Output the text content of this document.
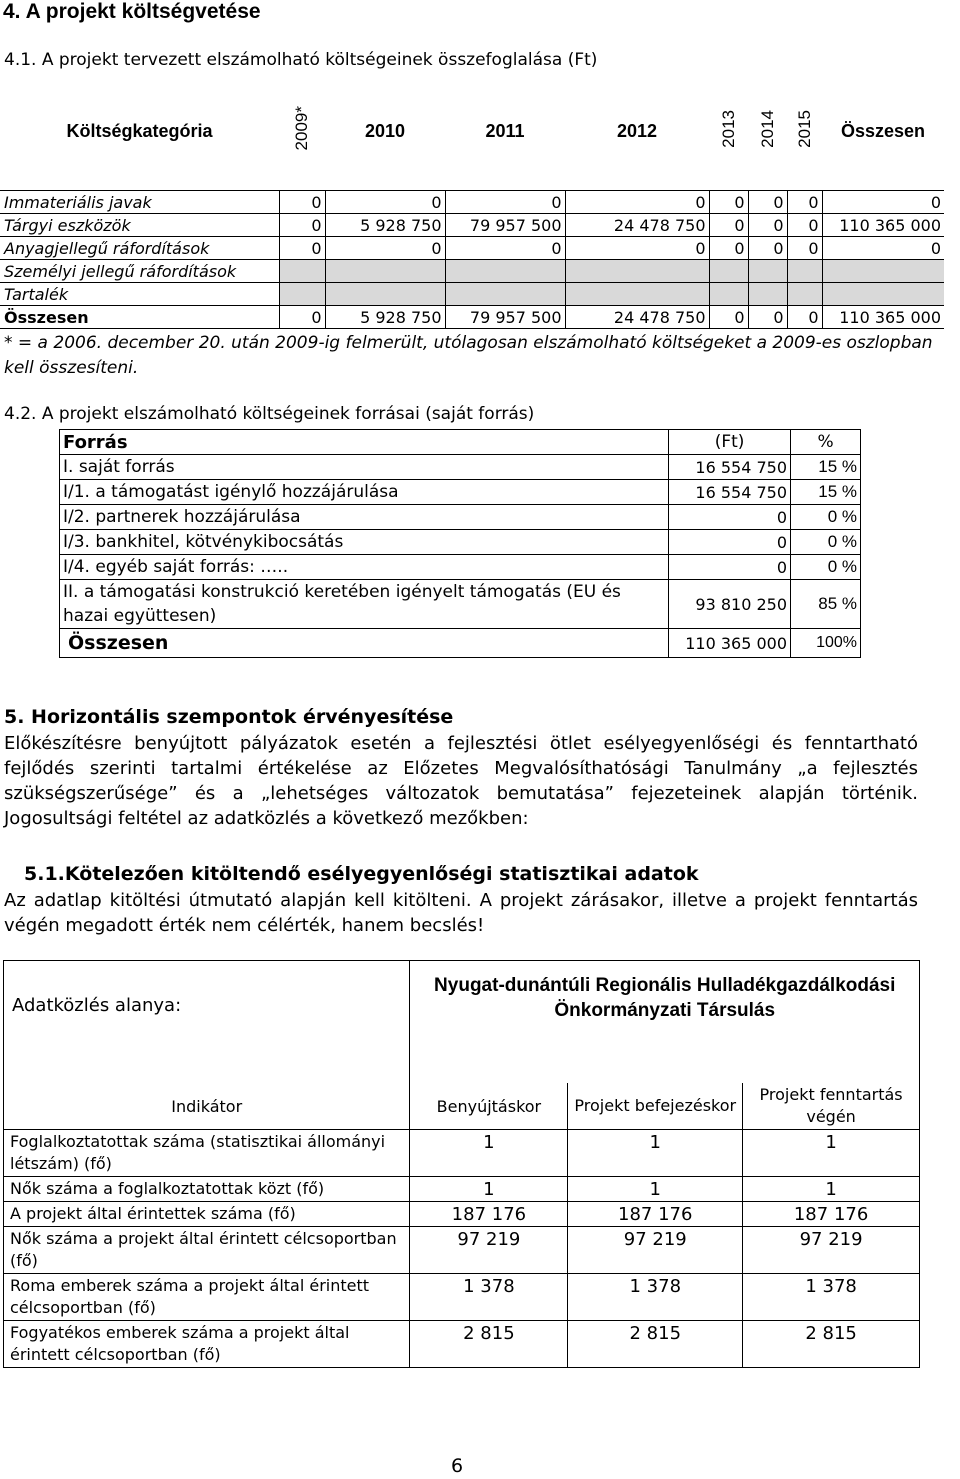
4. A projekt költségvetése
4.1. A projekt tervezett elszámolható költségeinek összefoglalása (Ft)
Költségkategória	2009*	2010	2011	2012	2013	2014	2015	Összesen

Immateriális javak	0	0	0	0	0	0	0	0
Tárgyi eszközök	0	5 928 750	79 957 500	24 478 750	0	0	0	110 365 000
Anyagjellegű ráfordítások	0	0	0	0	0	0	0	0
Személyi jellegű ráfordítások								
Tartalék								
Összesen	0	5 928 750	79 957 500	24 478 750	0	0	0	110 365 000
* = a 2006. december 20. után 2009-ig felmerült, utólagosan elszámolható költségeket a 2009-es oszlopban kell összesíteni.
4.2. A projekt elszámolható költségeinek forrásai (saját forrás)
Forrás	(Ft)	%
I. saját forrás	16 554 750	15 %
I/1. a támogatást igénylő hozzájárulása	16 554 750	15 %
I/2. partnerek hozzájárulása	0	0 %
I/3. bankhitel, kötvénykibocsátás	0	0 %
I/4. egyéb saját forrás: …..	0	0 %
II. a támogatási konstrukció keretében igényelt támogatás (EU és hazai együttesen)	93 810 250	85 %
Összesen	110 365 000	100%
5. Horizontális szempontok érvényesítése
Előkészítésre benyújtott pályázatok esetén a fejlesztési ötlet esélyegyenlőségi és fenntartható fejlődés szerinti tartalmi értékelése az Előzetes Megvalósíthatósági Tanulmány „a fejlesztés szükségszerűsége” és a „lehetséges változatok bemutatása” fejezeteinek alapján történik. Jogosultsági feltétel az adatközlés a következő mezőkben:
5.1.Kötelezően kitöltendő esélyegyenlőségi statisztikai adatok
Az adatlap kitöltési útmutató alapján kell kitölteni. A projekt zárásakor, illetve a projekt fenntartás végén megadott érték nem célérték, hanem becslés!
Adatközlés alanya:	Nyugat-dunántúli Regionális Hulladékgazdálkodási Önkormányzati Társulás		
Indikátor	Benyújtáskor	Projekt befejezéskor	Projekt fenntartás végén
Foglalkoztatottak száma (statisztikai állományi létszám) (fő)	1	1	1
Nők száma a foglalkoztatottak közt (fő)	1	1	1
A projekt által érintettek száma (fő)	187 176	187 176	187 176
Nők száma a projekt által érintett célcsoportban (fő)	97 219	97 219	97 219
Roma emberek száma a projekt által érintett célcsoportban (fő)	1 378	1 378	1 378
Fogyatékos emberek száma a projekt által érintett célcsoportban (fő)	2 815	2 815	2 815
6
